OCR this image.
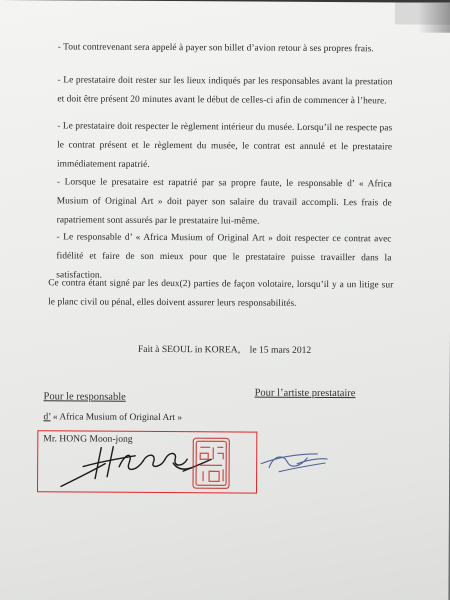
- Tout contrevenant sera appelé à payer son billet d’avion retour à ses propres frais.
- Le prestataire doit rester sur les lieux indiqués par les responsables avant la prestation et doit être présent 20 minutes avant le début de celles-ci afin de commencer à l’heure.
- Le prestataire doit respecter le règlement intérieur du musée. Lorsqu’il ne respecte pas le contrat présent et le règlement du musée, le contrat est annulé et le prestataire immédiatement rapatrié.
- Lorsque le presataire est rapatrié par sa propre faute, le responsable d’ « Africa Musium of Original Art » doit payer son salaire du travail accompli. Les frais de rapatriement sont assurés par le prestataire lui-même.
- Le responsable d’ « Africa Musium of Original Art » doit respecter ce contrat avec fidélité et faire de son mieux pour que le prestataire puisse travailler dans la satisfaction.
Ce contra étant signé par les deux(2) parties de façon volotaire, lorsqu’il y a un litige sur le planc civil ou pénal, elles doivent assurer leurs responsabilités.
Fait à SEOUL in KOREA,    le 15 mars 2012
Pour le responsable	Pour l’artiste prestataire
d’ « Africa Musium of Original Art »
Mr. HONG Moon-jong
